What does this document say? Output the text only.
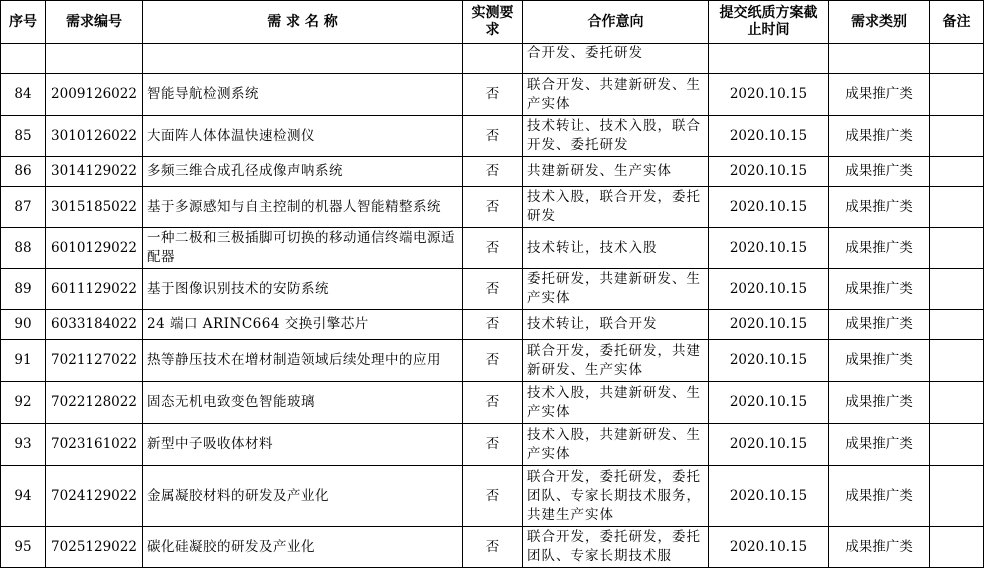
序号	需求编号	需 求 名 称	实测要求	合作意向	提交纸质方案截止时间	需求类别	备注
				合开发、委托研发			
84	2009126022	智能导航检测系统	否	联合开发、共建新研发、生产实体	2020.10.15	成果推广类	
85	3010126022	大面阵人体体温快速检测仪	否	技术转让、技术入股，联合开发、委托研发	2020.10.15	成果推广类	
86	3014129022	多频三维合成孔径成像声呐系统	否	共建新研发、生产实体	2020.10.15	成果推广类	
87	3015185022	基于多源感知与自主控制的机器人智能精整系统	否	技术入股，联合开发，委托研发	2020.10.15	成果推广类	
88	6010129022	一种二极和三极插脚可切换的移动通信终端电源适配器	否	技术转让，技术入股	2020.10.15	成果推广类	
89	6011129022	基于图像识别技术的安防系统	否	委托研发，共建新研发、生产实体	2020.10.15	成果推广类	
90	6033184022	24 端口 ARINC664 交换引擎芯片	否	技术转让，联合开发	2020.10.15	成果推广类	
91	7021127022	热等静压技术在增材制造领域后续处理中的应用	否	联合开发，委托研发，共建新研发、生产实体	2020.10.15	成果推广类	
92	7022128022	固态无机电致变色智能玻璃	否	技术入股，共建新研发、生产实体	2020.10.15	成果推广类	
93	7023161022	新型中子吸收体材料	否	技术入股，共建新研发、生产实体	2020.10.15	成果推广类	
94	7024129022	金属凝胶材料的研发及产业化	否	联合开发，委托研发，委托团队、专家长期技术服务，共建生产实体	2020.10.15	成果推广类	
95	7025129022	碳化硅凝胶的研发及产业化	否	联合开发，委托研发，委托团队、专家长期技术服	2020.10.15	成果推广类	
